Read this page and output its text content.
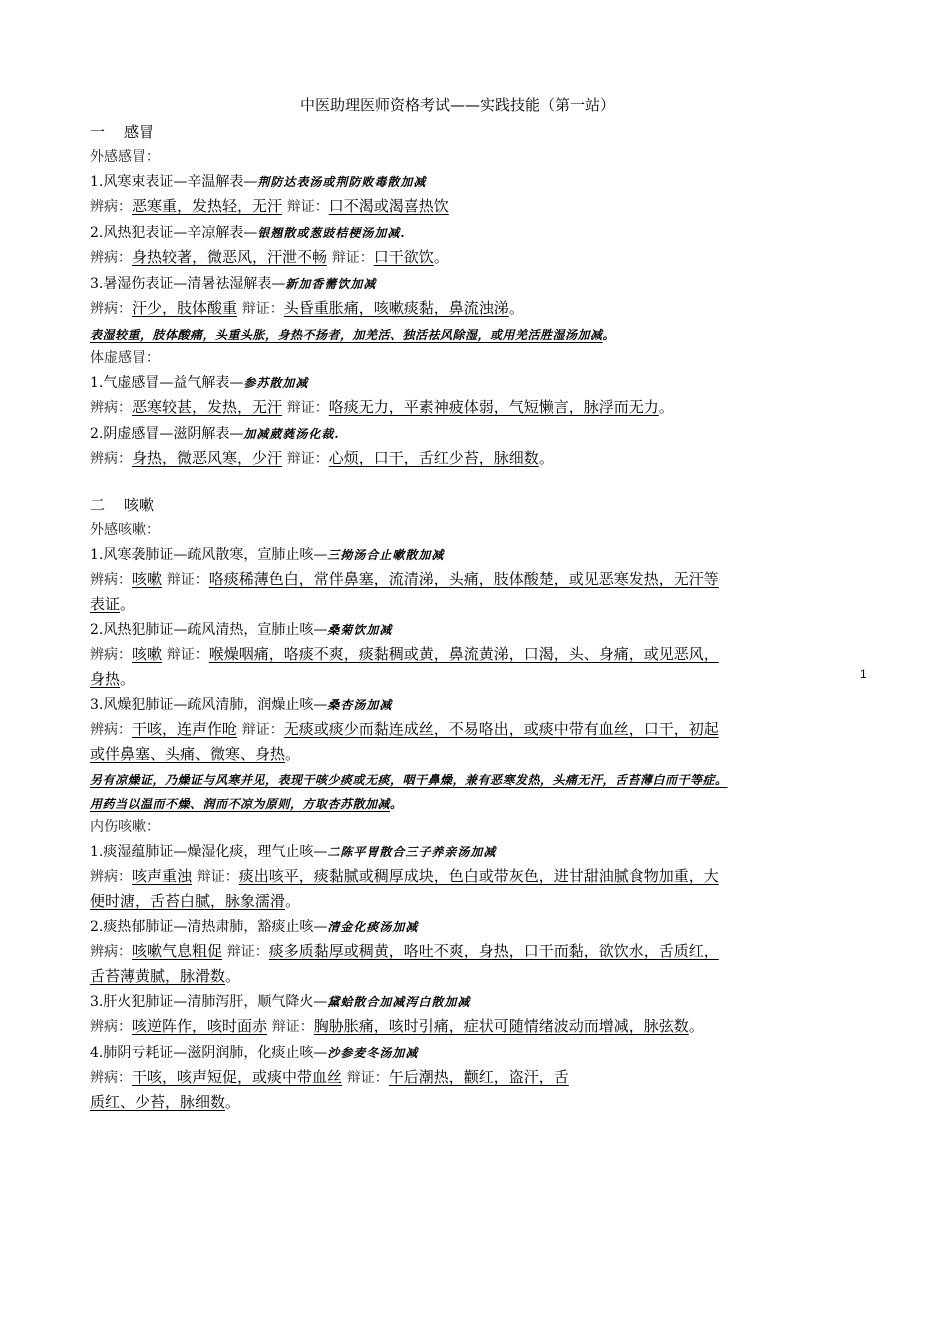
中医助理医师资格考试——实践技能（第一站）
1
一 感冒
外感感冒：
1.风寒束表证—辛温解表—荆防达表汤或荆防败毒散加减
辨病：恶寒重，发热轻，无汗 辩证：口不渴或渴喜热饮
2.风热犯表证—辛凉解表—银翘散或葱豉桔梗汤加减.
辨病：身热较著，微恶风，汗泄不畅 辩证：口干欲饮。
3.暑湿伤表证—清暑祛湿解表—新加香薷饮加减
辨病：汗少，肢体酸重 辩证：头昏重胀痛，咳嗽痰黏，鼻流浊涕。
表湿较重，肢体酸痛，头重头胀，身热不扬者，加羌活、独活祛风除湿，或用羌活胜湿汤加减。
体虚感冒：
1.气虚感冒—益气解表—参苏散加减
辨病：恶寒较甚，发热，无汗 辩证：咯痰无力，平素神疲体弱，气短懒言，脉浮而无力。
2.阴虚感冒—滋阴解表—加减葳蕤汤化裁.
辨病：身热，微恶风寒，少汗 辩证：心烦，口干，舌红少苔，脉细数。
二 咳嗽
外感咳嗽：
1.风寒袭肺证—疏风散寒，宣肺止咳—三拗汤合止嗽散加减
辨病：咳嗽 辩证：咯痰稀薄色白，常伴鼻塞，流清涕，头痛，肢体酸楚，或见恶寒发热，无汗等表证。
2.风热犯肺证—疏风清热，宣肺止咳—桑菊饮加减
辨病：咳嗽 辩证：喉燥咽痛，咯痰不爽，痰黏稠或黄，鼻流黄涕，口渴，头、身痛，或见恶风，身热。
3.风燥犯肺证—疏风清肺，润燥止咳—桑杏汤加减
辨病：干咳，连声作呛 辩证：无痰或痰少而黏连成丝，不易咯出，或痰中带有血丝，口干，初起或伴鼻塞、头痛、微寒、身热。
另有凉燥证，乃燥证与风寒并见，表现干咳少痰或无痰，咽干鼻燥，兼有恶寒发热，头痛无汗，舌苔薄白而干等症。用药当以温而不燥、润而不凉为原则，方取杏苏散加减。
内伤咳嗽：
1.痰湿蕴肺证—燥湿化痰，理气止咳—二陈平胃散合三子养亲汤加减
辨病：咳声重浊 辩证：痰出咳平，痰黏腻或稠厚成块，色白或带灰色，进甘甜油腻食物加重，大便时溏，舌苔白腻，脉象濡滑。
2.痰热郁肺证—清热肃肺，豁痰止咳—清金化痰汤加减
辨病：咳嗽气息粗促 辩证：痰多质黏厚或稠黄，咯吐不爽，身热，口干而黏，欲饮水，舌质红，舌苔薄黄腻，脉滑数。
3.肝火犯肺证—清肺泻肝，顺气降火—黛蛤散合加减泻白散加减
辨病：咳逆阵作，咳时面赤 辩证：胸胁胀痛，咳时引痛，症状可随情绪波动而增减，脉弦数。
4.肺阴亏耗证—滋阴润肺，化痰止咳—沙参麦冬汤加减
辨病：干咳，咳声短促，或痰中带血丝 辩证：午后潮热，颧红，盗汗，舌
质红、少苔，脉细数。
